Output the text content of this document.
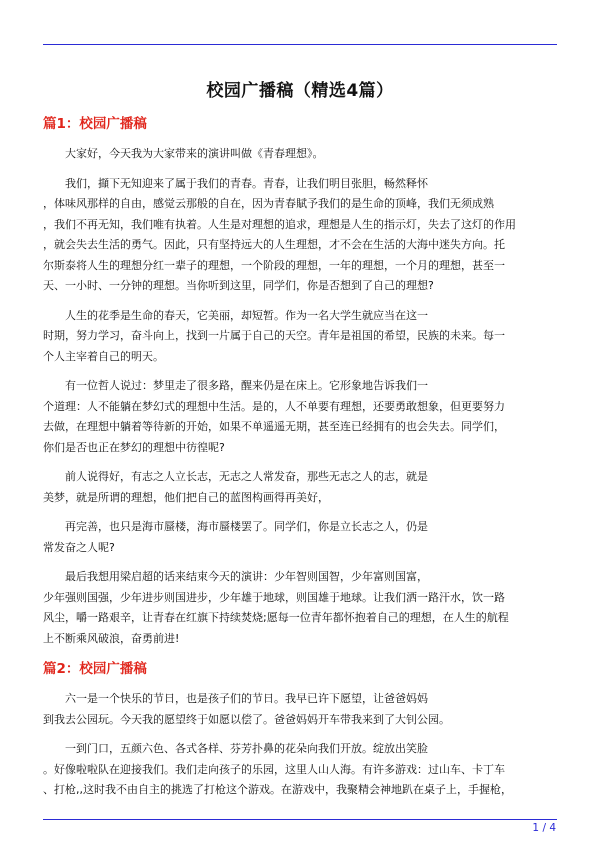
校园广播稿（精选4篇）
篇1：校园广播稿
大家好，今天我为大家带来的演讲叫做《青春理想》。
我们，擷下无知迎来了属于我们的青春。青春，让我们明目张胆，畅然释怀
，体味风那样的自由，感觉云那般的自在，因为青春賦予我们的是生命的顶峰，我们无须成熟
，我们不再无知，我们唯有执着。人生是对理想的追求，理想是人生的指示灯，失去了这灯的作用
，就会失去生活的勇气。因此，只有坚持远大的人生理想，才不会在生活的大海中迷失方向。托
尔斯泰将人生的理想分红一辈子的理想，一个阶段的理想，一年的理想，一个月的理想，甚至一
天、一小时、一分钟的理想。当你听到这里，同学们，你是否想到了自己的理想?
人生的花季是生命的春天，它美丽，却短暂。作为一名大学生就应当在这一
时期，努力学习，奋斗向上，找到一片属于自己的天空。青年是祖国的希望，民族的未来。每一
个人主宰着自己的明天。
有一位哲人说过：梦里走了很多路，醒来仍是在床上。它形象地告诉我们一
个道理：人不能躺在梦幻式的理想中生活。是的，人不单要有理想，还要勇敢想象，但更要努力
去做，在理想中躺着等待新的开始，如果不单遥遥无期，甚至连已经拥有的也会失去。同学们，
你们是否也正在梦幻的理想中彷徨呢?
前人说得好，有志之人立长志，无志之人常发奋，那些无志之人的志，就是
美梦，就是所谓的理想，他们把自己的蓝图构画得再美好，
再完善，也只是海市蜃楼，海市蜃楼罢了。同学们，你是立长志之人，仍是
常发奋之人呢?
最后我想用梁启超的话来结束今天的演讲：少年智则国智，少年富则国富，
少年强则国强，少年进步则国进步，少年雄于地球，则国雄于地球。让我们洒一路汗水，饮一路
风尘，嚼一路艰辛，让青春在红旗下持续焚烧;愿每一位青年都怀抱着自己的理想，在人生的航程
上不断乘风破浪，奋勇前进!
篇2：校园广播稿
六一是一个快乐的节日，也是孩子们的节日。我早已许下愿望，让爸爸妈妈
到我去公园玩。今天我的愿望终于如愿以偿了。爸爸妈妈开车带我来到了大钊公园。
一到门口，五颜六色、各式各样、芬芳扑鼻的花朵向我们开放。绽放出笑脸
。好像啦啦队在迎接我们。我们走向孩子的乐园，这里人山人海。有许多游戏：过山车、卡丁车
、打枪,,这时我不由自主的挑选了打枪这个游戏。在游戏中，我聚精会神地趴在桌子上，手握枪，
1 / 4
